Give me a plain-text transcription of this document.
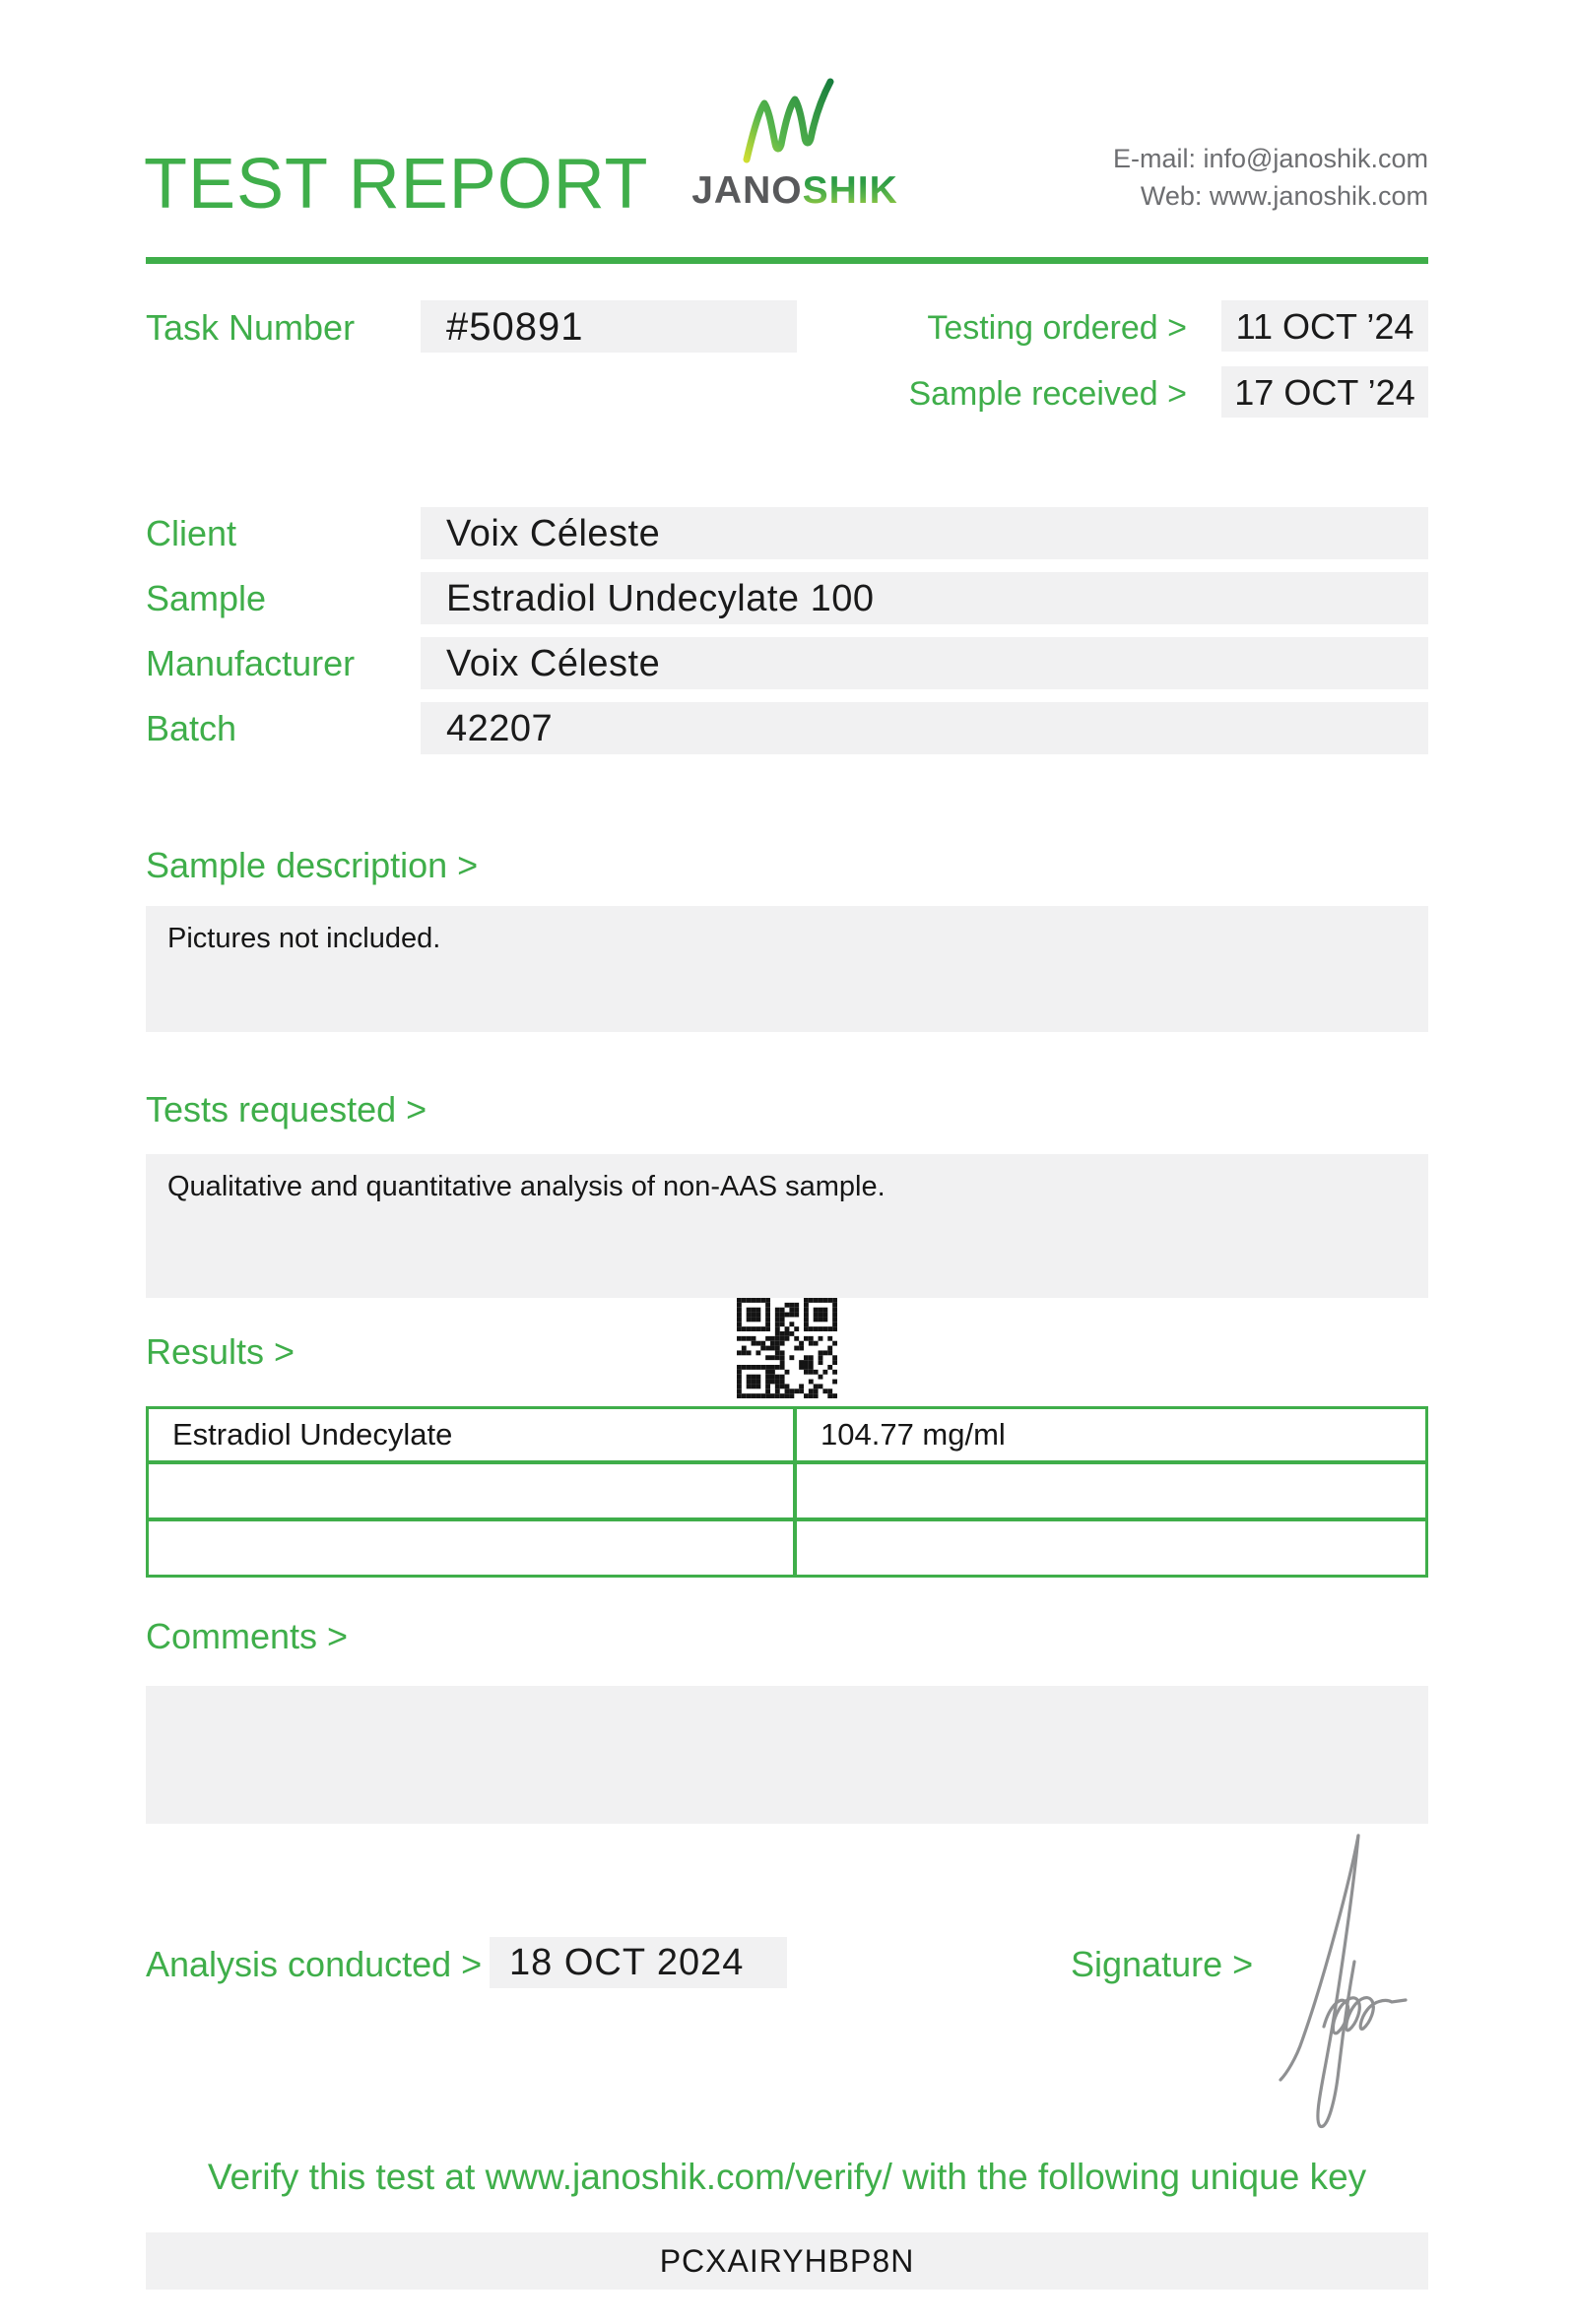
TEST REPORT	JANOSHIK
E-mail: info@janoshik.com
Web: www.janoshik.com
Task Number	#50891	Testing ordered >	11 OCT ’24
Sample received >	17 OCT ’24
Client	Voix Céleste
Sample	Estradiol Undecylate 100
Manufacturer	Voix Céleste
Batch	42207
Sample description >
Pictures not included.
Tests requested >
Qualitative and quantitative analysis of non-AAS sample.
Results >
Estradiol Undecylate	104.77 mg/ml
Comments >
Analysis conducted > 18 OCT 2024	Signature >
Verify this test at www.janoshik.com/verify/ with the following unique key
PCXAIRYHBP8N
